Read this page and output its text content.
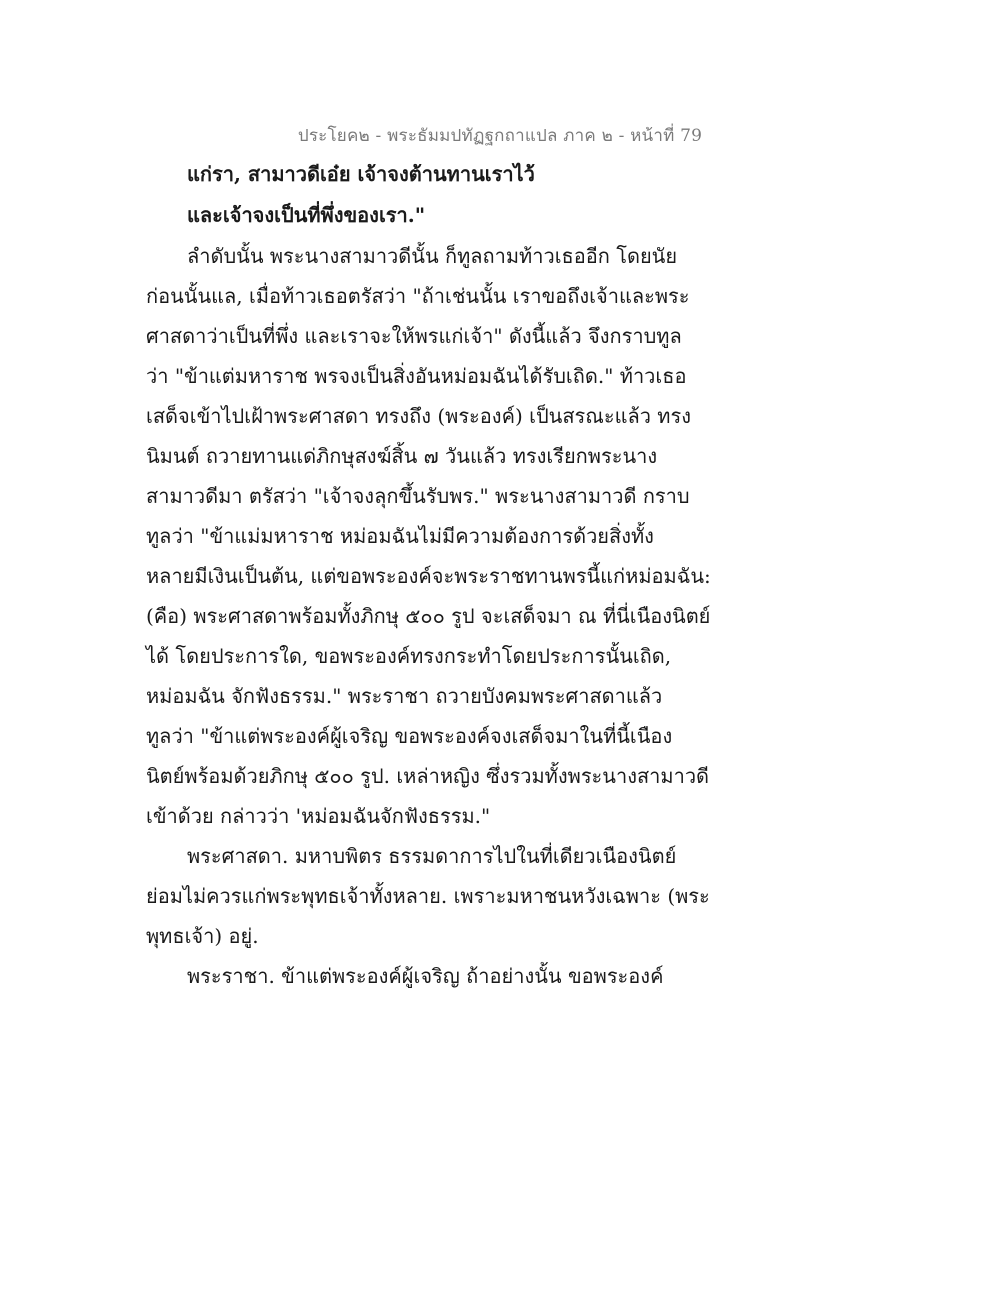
ประโยค๒ - พระธัมมปทัฏฐกถาแปล ภาค ๒ - หน้าที่ 79
แก่รา, สามาวดีเอ๋ย เจ้าจงต้านทานเราไว้
และเจ้าจงเป็นที่พึ่งของเรา."
ลำดับนั้น พระนางสามาวดีนั้น ก็ทูลถามท้าวเธออีก โดยนัย
ก่อนนั้นแล, เมื่อท้าวเธอตรัสว่า "ถ้าเช่นนั้น เราขอถึงเจ้าและพระ
ศาสดาว่าเป็นที่พึ่ง และเราจะให้พรแก่เจ้า" ดังนี้แล้ว จึงกราบทูล
ว่า "ข้าแต่มหาราช พรจงเป็นสิ่งอันหม่อมฉันได้รับเถิด." ท้าวเธอ
เสด็จเข้าไปเฝ้าพระศาสดา ทรงถึง (พระองค์) เป็นสรณะแล้ว ทรง
นิมนต์ ถวายทานแด่ภิกษุสงฆ์สิ้น ๗ วันแล้ว ทรงเรียกพระนาง
สามาวดีมา ตรัสว่า "เจ้าจงลุกขึ้นรับพร." พระนางสามาวดี กราบ
ทูลว่า "ข้าแม่มหาราช หม่อมฉันไม่มีความต้องการด้วยสิ่งทั้ง
หลายมีเงินเป็นต้น, แต่ขอพระองค์จะพระราชทานพรนี้แก่หม่อมฉัน:
(คือ) พระศาสดาพร้อมทั้งภิกษุ ๕๐๐ รูป จะเสด็จมา ณ ที่นี่เนืองนิตย์
ได้ โดยประการใด, ขอพระองค์ทรงกระทำโดยประการนั้นเถิด,
หม่อมฉัน จักฟังธรรม." พระราชา ถวายบังคมพระศาสดาแล้ว
ทูลว่า "ข้าแต่พระองค์ผู้เจริญ ขอพระองค์จงเสด็จมาในที่นี้เนือง
นิตย์พร้อมด้วยภิกษุ ๕๐๐ รูป. เหล่าหญิง ซึ่งรวมทั้งพระนางสามาวดี
เข้าด้วย กล่าวว่า 'หม่อมฉันจักฟังธรรม."
พระศาสดา. มหาบพิตร ธรรมดาการไปในที่เดียวเนืองนิตย์
ย่อมไม่ควรแก่พระพุทธเจ้าทั้งหลาย. เพราะมหาชนหวังเฉพาะ (พระ
พุทธเจ้า) อยู่.
พระราชา. ข้าแต่พระองค์ผู้เจริญ ถ้าอย่างนั้น ขอพระองค์
